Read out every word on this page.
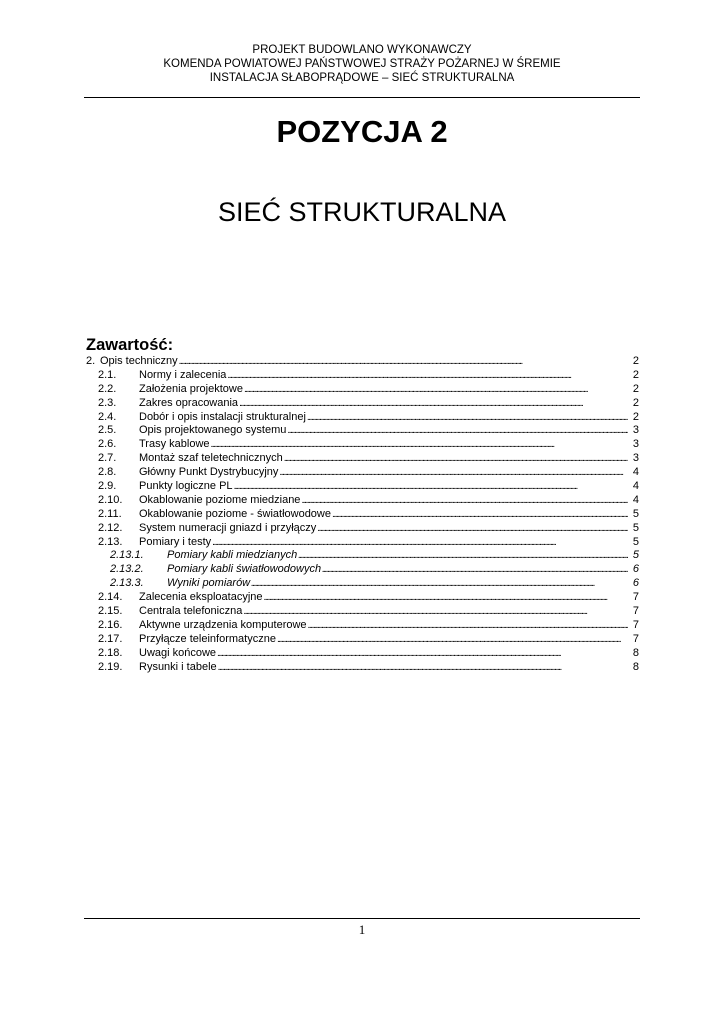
PROJEKT BUDOWLANO WYKONAWCZY
KOMENDA POWIATOWEJ PAŃSTWOWEJ STRAŻY POŻARNEJ W ŚREMIE
INSTALACJA SŁABOPRĄDOWE – SIEĆ STRUKTURALNA
POZYCJA 2
SIEĆ STRUKTURALNA
Zawartość:
2. Opis techniczny . . .	2
2.1. Normy i zalecenia . . .	2
2.2. Założenia projektowe . . .	2
2.3. Zakres opracowania . . .	2
2.4. Dobór i opis instalacji strukturalnej . . .	2
2.5. Opis projektowanego systemu . . .	3
2.6. Trasy kablowe . . .	3
2.7. Montaż szaf teletechnicznych . . .	3
2.8. Główny Punkt Dystrybucyjny . . .	4
2.9. Punkty logiczne PL . . .	4
2.10. Okablowanie poziome miedziane . . .	4
2.11. Okablowanie poziome - światłowodowe . . .	5
2.12. System numeracji gniazd i przyłączy . . .	5
2.13. Pomiary i testy . . .	5
2.13.1. Pomiary kabli miedzianych . . .	5
2.13.2. Pomiary kabli światłowodowych . . .	6
2.13.3. Wyniki pomiarów . . .	6
2.14. Zalecenia eksploatacyjne . . .	7
2.15. Centrala telefoniczna . . .	7
2.16. Aktywne urządzenia komputerowe . . .	7
2.17. Przyłącze teleinformatyczne . . .	7
2.18. Uwagi końcowe . . .	8
2.19. Rysunki i tabele . . .	8
1
